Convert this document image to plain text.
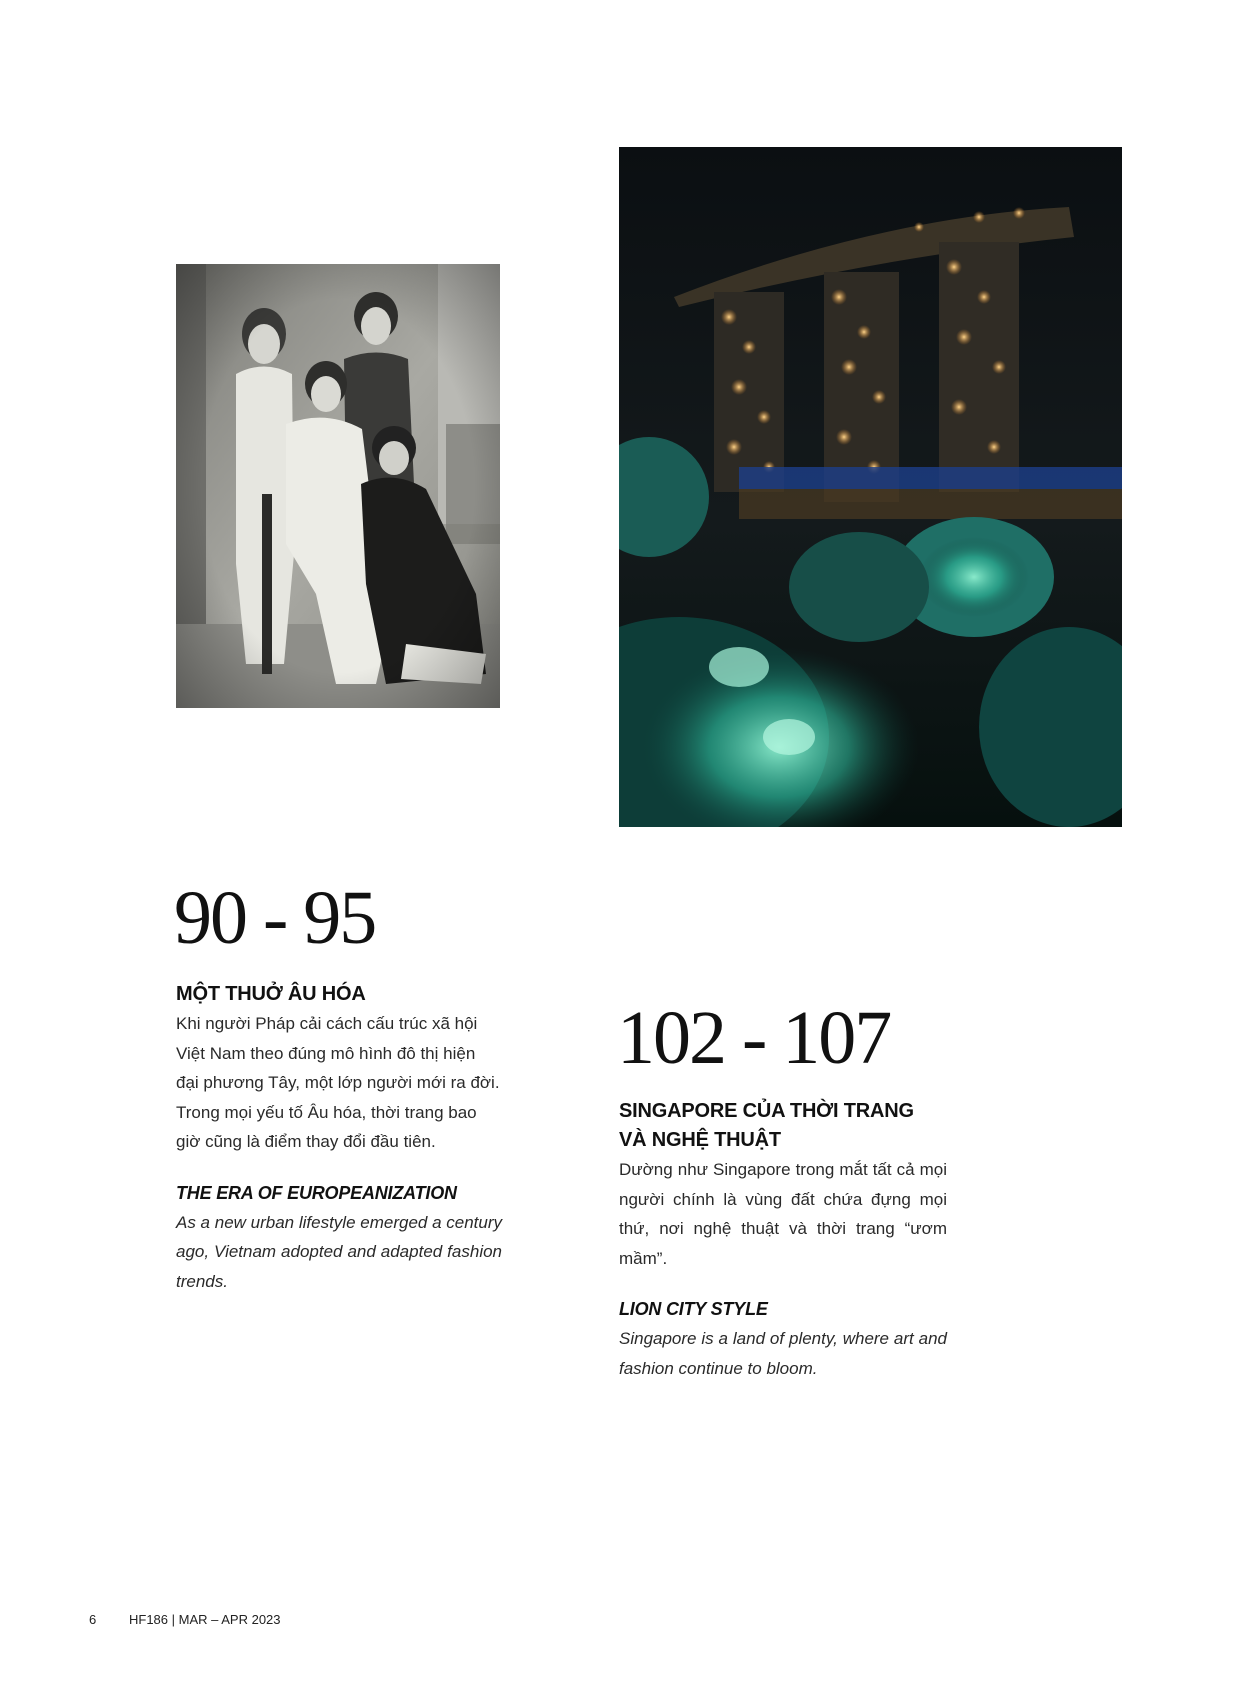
90 - 95
MỘT THUỞ ÂU HÓA

Khi người Pháp cải cách cấu trúc xã hội Việt Nam theo đúng mô hình đô thị hiện đại phương Tây, một lớp người mới ra đời. Trong mọi yếu tố Âu hóa, thời trang bao giờ cũng là điểm thay đổi đầu tiên.

THE ERA OF EUROPEANIZATION

As a new urban lifestyle emerged a century ago, Vietnam adopted and adapted fashion trends.

102 - 107
SINGAPORE CỦA THỜI TRANG
VÀ NGHỆ THUẬT

Dường như Singapore trong mắt tất cả mọi người chính là vùng đất chứa đựng mọi thứ, nơi nghệ thuật và thời trang “ươm mầm”.

LION CITY STYLE

Singapore is a land of plenty, where art and fashion continue to bloom.

6	HF186 | MAR – APR 2023
